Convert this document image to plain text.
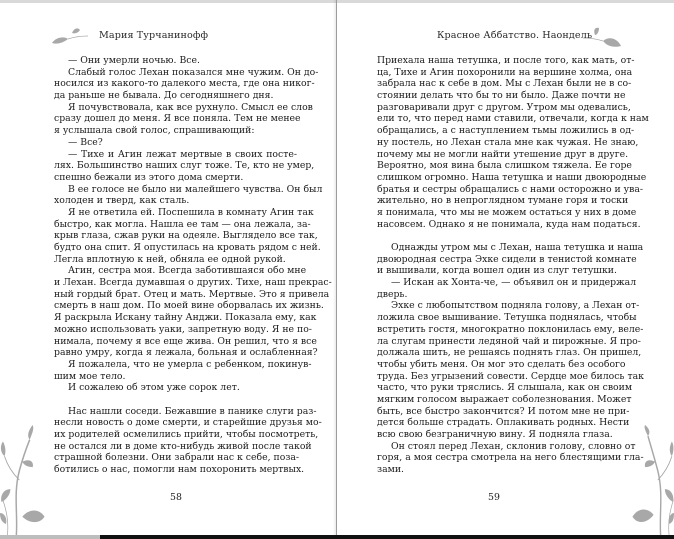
Мария Турчанинофф
— Они умерли ночью. Все.
Слабый голос Лехан показался мне чужим. Он до-
носился из какого-то далекого места, где она никог-
да раньше не бывала. До сегодняшнего дня.
Я почувствовала, как все рухнуло. Смысл ее слов
сразу дошел до меня. Я все поняла. Тем не менее
я услышала свой голос, спрашивающий:
— Все?
— Тихе и Агин лежат мертвые в своих посте-
лях. Большинство наших слуг тоже. Те, кто не умер,
спешно бежали из этого дома смерти.
В ее голосе не было ни малейшего чувства. Он был
холоден и тверд, как сталь.
Я не ответила ей. Поспешила в комнату Агин так
быстро, как могла. Нашла ее там — она лежала, за-
крыв глаза, сжав руки на одеяле. Выглядело все так,
будто она спит. Я опустилась на кровать рядом с ней.
Легла вплотную к ней, обняла ее одной рукой.
Агин, сестра моя. Всегда заботившаяся обо мне
и Лехан. Всегда думавшая о других. Тихе, наш прекрас-
ный гордый брат. Отец и мать. Мертвые. Это я привела
смерть в наш дом. По моей вине оборвалась их жизнь.
Я раскрыла Искану тайну Анджи. Показала ему, как
можно использовать уаки, запретную воду. Я не по-
нимала, почему я все еще жива. Он решил, что я все
равно умру, когда я лежала, больная и ослабленная?
Я пожалела, что не умерла с ребенком, покинув-
шим мое тело.
И сожалею об этом уже сорок лет.
Нас нашли соседи. Бежавшие в панике слуги раз-
несли новость о доме смерти, и старейшие друзья мо-
их родителей осмелились прийти, чтобы посмотреть,
не остался ли в доме кто-нибудь живой после такой
страшной болезни. Они забрали нас к себе, поза-
ботились о нас, помогли нам похоронить мертвых.
58
Красное Аббатство. Наондель
Приехала наша тетушка, и после того, как мать, от-
ца, Тихе и Агин похоронили на вершине холма, она
забрала нас к себе в дом. Мы с Лехан были не в со-
стоянии делать что бы то ни было. Даже почти не
разговаривали друг с другом. Утром мы одевались,
ели то, что перед нами ставили, отвечали, когда к нам
обращались, а с наступлением тьмы ложились в од-
ну постель, но Лехан стала мне как чужая. Не знаю,
почему мы не могли найти утешение друг в друге.
Вероятно, моя вина была слишком тяжела. Ее горе
слишком огромно. Наша тетушка и наши двоюродные
братья и сестры обращались с нами осторожно и ува-
жительно, но в непроглядном тумане горя и тоски
я понимала, что мы не можем остаться у них в доме
насовсем. Однако я не понимала, куда нам податься.
Однажды утром мы с Лехан, наша тетушка и наша
двоюродная сестра Эхке сидели в тенистой комнате
и вышивали, когда вошел один из слуг тетушки.
— Искан ак Хонта-че, — объявил он и придержал
дверь.
Эхке с любопытством подняла голову, а Лехан от-
ложила свое вышивание. Тетушка поднялась, чтобы
встретить гостя, многократно поклонилась ему, веле-
ла слугам принести ледяной чай и пирожные. Я про-
должала шить, не решаясь поднять глаз. Он пришел,
чтобы убить меня. Он мог это сделать без особого
труда. Без угрызений совести. Сердце мое билось так
часто, что руки тряслись. Я слышала, как он своим
мягким голосом выражает соболезнования. Может
быть, все быстро закончится? И потом мне не при-
дется больше страдать. Оплакивать родных. Нести
всю свою безграничную вину. Я подняла глаза.
Он стоял перед Лехан, склонив голову, словно от
горя, а моя сестра смотрела на него блестящими гла-
зами.
59
